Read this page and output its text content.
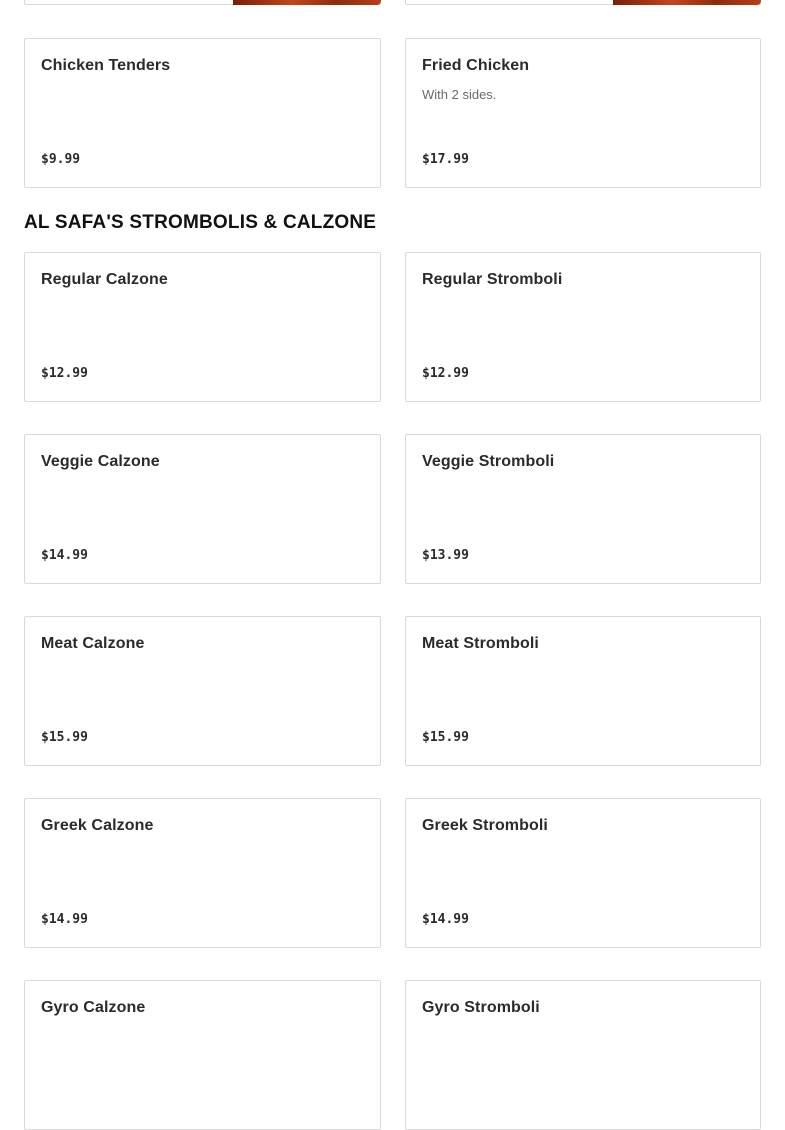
Chicken Tenders
$9.99
Fried Chicken
With 2 sides.
$17.99
AL SAFA'S STROMBOLIS & CALZONE
Regular Calzone
$12.99
Regular Stromboli
$12.99
Veggie Calzone
$14.99
Veggie Stromboli
$13.99
Meat Calzone
$15.99
Meat Stromboli
$15.99
Greek Calzone
$14.99
Greek Stromboli
$14.99
Gyro Calzone	Gyro Stromboli
